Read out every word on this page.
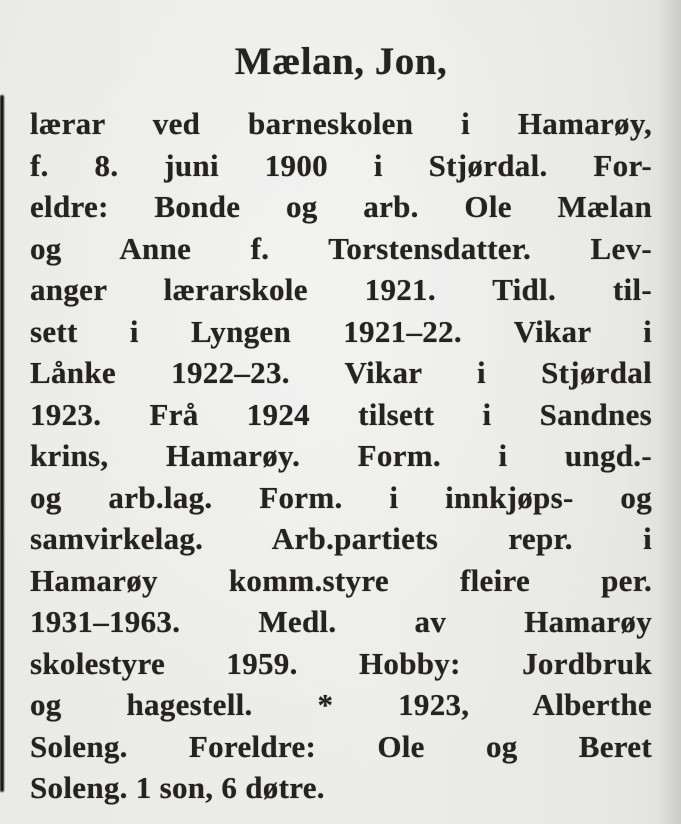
Mælan, Jon,
lærar ved barneskolen i Hamarøy,
f. 8. juni 1900 i Stjørdal. For-
eldre: Bonde og arb. Ole Mælan
og Anne f. Torstensdatter. Lev-
anger lærarskole 1921. Tidl. til-
sett i Lyngen 1921–22. Vikar i
Lånke 1922–23. Vikar i Stjørdal
1923. Frå 1924 tilsett i Sandnes
krins, Hamarøy. Form. i ungd.-
og arb.lag. Form. i innkjøps- og
samvirkelag. Arb.partiets repr. i
Hamarøy komm.styre fleire per.
1931–1963. Medl. av Hamarøy
skolestyre 1959. Hobby: Jordbruk
og hagestell. * 1923, Alberthe
Soleng. Foreldre: Ole og Beret
Soleng. 1 son, 6 døtre.
